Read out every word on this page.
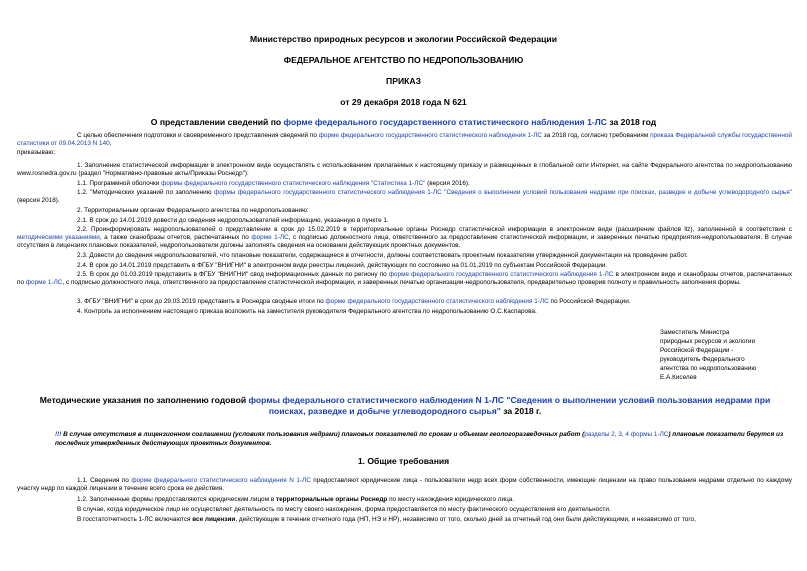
Министерство природных ресурсов и экологии Российской Федерации
ФЕДЕРАЛЬНОЕ АГЕНТСТВО ПО НЕДРОПОЛЬЗОВАНИЮ
ПРИКАЗ
от 29 декабря 2018 года N 621
О представлении сведений по форме федерального государственного статистического наблюдения 1-ЛС за 2018 год

С целью обеспечения подготовки и своевременного представления сведений по форме федерального государственного статистического наблюдения 1-ЛС за 2018 год, согласно требованиям приказа Федеральной службы государственной статистики от 09.04.2013 N 140,

приказываю:

1. Заполнение статистической информации в электронном виде осуществлять с использованием прилагаемых к настоящему приказу и размещенных в глобальной сети Интернет, на сайте Федерального агентства по недропользованию www.rosnedra.gov.ru (раздел "Нормативно-правовые акты/Приказы Роснедр"):

1.1. Программной оболочки формы федерального государственного статистического наблюдения "Статистика 1-ЛС" (версия 2016).

1.2. "Методических указаний по заполнению формы федерального государственного статистического наблюдения 1-ЛС "Сведения о выполнении условий пользования недрами при поисках, разведке и добыче углеводородного сырья" (версия 2018).

2. Территориальным органам Федерального агентства по недропользованию:

2.1. В срок до 14.01.2019 довести до сведения недропользователей информацию, указанную в пункте 1.

2.2. Проинформировать недропользователей о представлении в срок до 15.02.2019 в территориальные органы Роснедр статистической информации в электронном виде (расширение файлов llz), заполненной в соответствии с методическими указаниями, а также сканобразы отчетов, распечатанных по форме 1-ЛС, с подписью должностного лица, ответственного за предоставление статистической информации, и заверенных печатью предприятия-недропользователя. В случае отсутствия в лицензиях плановых показателей, недропользователи должны заполнять сведения на основании действующих проектных документов.

2.3. Довести до сведения недропользователей, что плановые показатели, содержащиеся в отчетности, должны соответствовать проектным показателям утвержденной документации на проведение работ.

2.4. В срок до 14.01.2019 представить в ФГБУ "ВНИГНИ" в электронном виде реестры лицензий, действующих по состоянию на 01.01.2019 по субъектам Российской Федерации.

2.5. В срок до 01.03.2019 представить в ФГБУ "ВНИГНИ" свод информационных данных по региону по форме федерального государственного статистического наблюдения 1-ЛС в электронном виде и сканобразы отчетов, распечатанных по форме 1-ЛС, с подписью должностного лица, ответственного за предоставление статистической информации, и заверенных печатью организации-недропользователя, предварительно проверив полноту и правильность заполнения формы.

3. ФГБУ "ВНИГНИ" в срок до 29.03.2019 представить в Роснедра сводные итоги по форме федерального государственного статистического наблюдения 1-ЛС по Российской Федерации.

4. Контроль за исполнением настоящего приказа возложить на заместителя руководителя Федерального агентства по недропользованию О.С.Каспарова.

Заместитель Министра
природных ресурсов и экологии
Российской Федерации -
руководитель Федерального
агентства по недропользованию
Е.А.Киселев
Методические указания по заполнению годовой формы федерального статистического наблюдения N 1-ЛС "Сведения о выполнении условий пользования недрами при поисках, разведке и добыче углеводородного сырья" за 2018 г.

!!! В случае отсутствия в лицензионном соглашении (условиях пользования недрами) плановых показателей по срокам и объемам геологоразведочных работ (разделы 2, 3, 4 формы 1-ЛС) плановые показатели берутся из последних утвержденных действующих проектных документов.

1. Общие требования

1.1. Сведения по форме федерального статистического наблюдения N 1-ЛС предоставляют юридические лица - пользователи недр всех форм собственности, имеющие лицензии на право пользования недрами отдельно по каждому участку недр по каждой лицензии в течение всего срока ее действия.

1.2. Заполненные формы предоставляются юридическим лицом в территориальные органы Роснедр по месту нахождения юридического лица.

В случае, когда юридическое лицо не осуществляет деятельность по месту своего нахождения, форма предоставляется по месту фактического осуществления его деятельности.

В госстатотчетность 1-ЛС включаются все лицензии, действующие в течение отчетного года (НП, НЭ и НР), независимо от того, сколько дней за отчетный год они были действующими, и независимо от того,
